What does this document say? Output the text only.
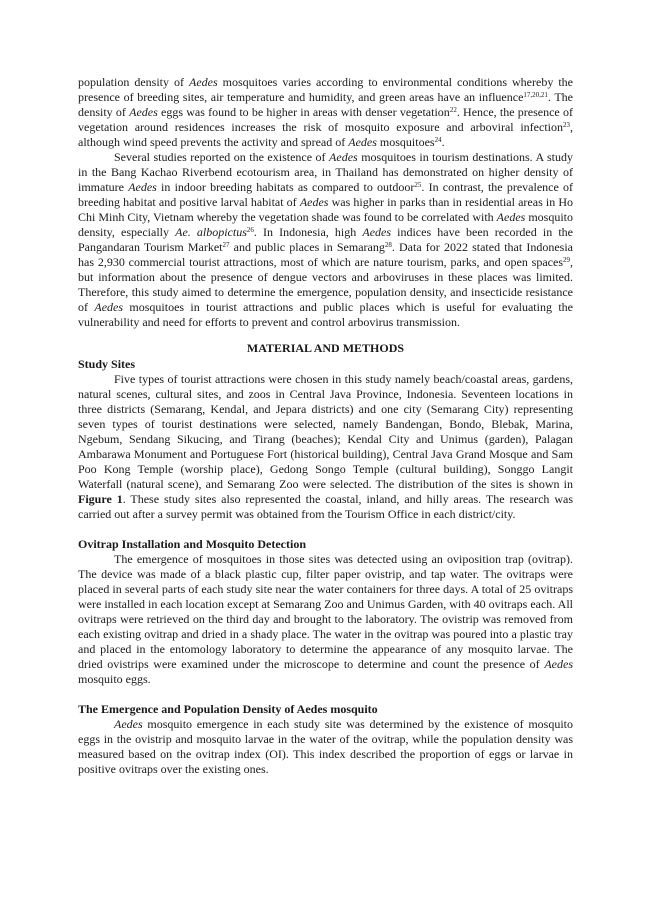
population density of Aedes mosquitoes varies according to environmental conditions whereby the presence of breeding sites, air temperature and humidity, and green areas have an influence$^{17,20,21}$. The density of Aedes eggs was found to be higher in areas with denser vegetation$^{22}$. Hence, the presence of vegetation around residences increases the risk of mosquito exposure and arboviral infection$^{23}$, although wind speed prevents the activity and spread of Aedes mosquitoes$^{24}$.

Several studies reported on the existence of Aedes mosquitoes in tourism destinations. A study in the Bang Kachao Riverbend ecotourism area, in Thailand has demonstrated on higher density of immature Aedes in indoor breeding habitats as compared to outdoor$^{25}$. In contrast, the prevalence of breeding habitat and positive larval habitat of Aedes was higher in parks than in residential areas in Ho Chi Minh City, Vietnam whereby the vegetation shade was found to be correlated with Aedes mosquito density, especially Ae. albopictus$^{26}$. In Indonesia, high Aedes indices have been recorded in the Pangandaran Tourism Market$^{27}$ and public places in Semarang$^{28}$. Data for 2022 stated that Indonesia has 2,930 commercial tourist attractions, most of which are nature tourism, parks, and open spaces$^{29}$, but information about the presence of dengue vectors and arboviruses in these places was limited. Therefore, this study aimed to determine the emergence, population density, and insecticide resistance of Aedes mosquitoes in tourist attractions and public places which is useful for evaluating the vulnerability and need for efforts to prevent and control arbovirus transmission.

MATERIAL AND METHODS

Study Sites

Five types of tourist attractions were chosen in this study namely beach/coastal areas, gardens, natural scenes, cultural sites, and zoos in Central Java Province, Indonesia. Seventeen locations in three districts (Semarang, Kendal, and Jepara districts) and one city (Semarang City) representing seven types of tourist destinations were selected, namely Bandengan, Bondo, Blebak, Marina, Ngebum, Sendang Sikucing, and Tirang (beaches); Kendal City and Unimus (garden), Palagan Ambarawa Monument and Portuguese Fort (historical building), Central Java Grand Mosque and Sam Poo Kong Temple (worship place), Gedong Songo Temple (cultural building), Songgo Langit Waterfall (natural scene), and Semarang Zoo were selected. The distribution of the sites is shown in Figure 1. These study sites also represented the coastal, inland, and hilly areas. The research was carried out after a survey permit was obtained from the Tourism Office in each district/city.

Ovitrap Installation and Mosquito Detection

The emergence of mosquitoes in those sites was detected using an oviposition trap (ovitrap). The device was made of a black plastic cup, filter paper ovistrip, and tap water. The ovitraps were placed in several parts of each study site near the water containers for three days. A total of 25 ovitraps were installed in each location except at Semarang Zoo and Unimus Garden, with 40 ovitraps each. All ovitraps were retrieved on the third day and brought to the laboratory. The ovistrip was removed from each existing ovitrap and dried in a shady place. The water in the ovitrap was poured into a plastic tray and placed in the entomology laboratory to determine the appearance of any mosquito larvae. The dried ovistrips were examined under the microscope to determine and count the presence of Aedes mosquito eggs.

The Emergence and Population Density of Aedes mosquito

Aedes mosquito emergence in each study site was determined by the existence of mosquito eggs in the ovistrip and mosquito larvae in the water of the ovitrap, while the population density was measured based on the ovitrap index (OI). This index described the proportion of eggs or larvae in positive ovitraps over the existing ones.
